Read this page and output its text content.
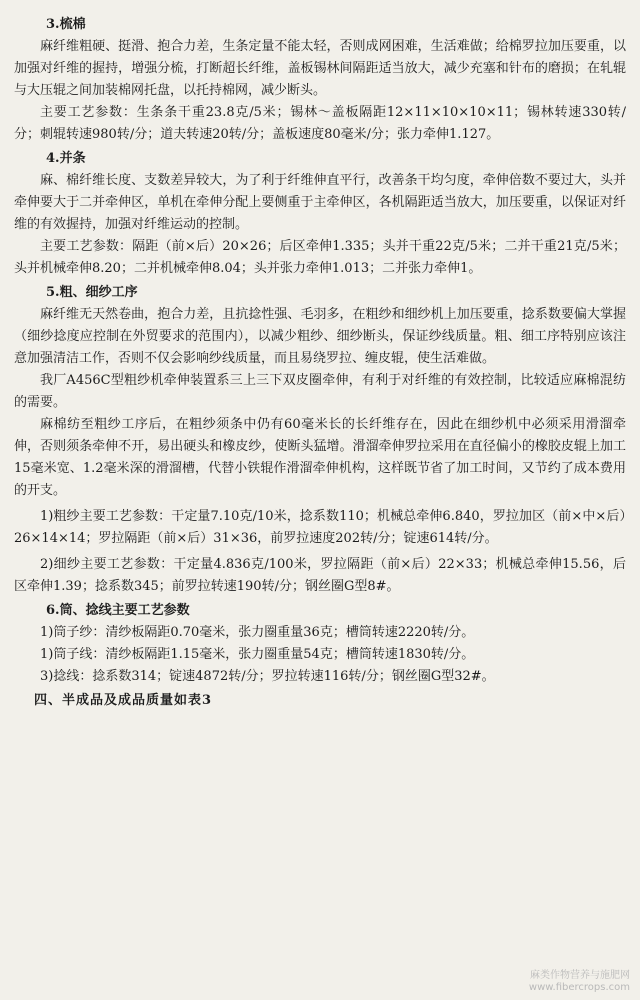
3.梳棉

麻纤维粗硬、挺滑、抱合力差，生条定量不能太轻，否则成网困难，生活难做；给棉罗拉加压要重，以加强对纤维的握持，增强分梳，打断超长纤维，盖板锡林间隔距适当放大，减少充塞和针布的磨损；在轧辊与大压辊之间加装棉网托盘，以托持棉网，减少断头。

主要工艺参数：生条条干重23.8克/5米；锡林～盖板隔距12×11×10×10×11；锡林转速330转/分；刺辊转速980转/分；道夫转速20转/分；盖板速度80毫米/分；张力牵伸1.127。

4.并条

麻、棉纤维长度、支数差异较大，为了利于纤维伸直平行，改善条干均匀度，牵伸倍数不要过大，头并牵伸要大于二并牵伸区，单机在牵伸分配上要侧重于主牵伸区，各机隔距适当放大，加压要重，以保证对纤维的有效握持，加强对纤维运动的控制。

主要工艺参数：隔距（前×后）20×26；后区牵伸1.335；头并干重22克/5米；二并干重21克/5米；头并机械牵伸8.20；二并机械牵伸8.04；头并张力牵伸1.013；二并张力牵伸1。

5.粗、细纱工序

麻纤维无天然卷曲，抱合力差，且抗捻性强、毛羽多，在粗纱和细纱机上加压要重，捻系数要偏大掌握（细纱捻度应控制在外贸要求的范围内），以减少粗纱、细纱断头，保证纱线质量。粗、细工序特别应该注意加强清洁工作，否则不仅会影响纱线质量，而且易绕罗拉、缠皮辊，使生活难做。

我厂A456C型粗纱机牵伸装置系三上三下双皮圈牵伸，有利于对纤维的有效控制，比较适应麻棉混纺的需要。

麻棉纺至粗纱工序后，在粗纱须条中仍有60毫米长的长纤维存在，因此在细纱机中必须采用滑溜牵伸，否则须条牵伸不开，易出硬头和橡皮纱，使断头猛增。滑溜牵伸罗拉采用在直径偏小的橡胶皮辊上加工15毫米宽、1.2毫米深的滑溜槽，代替小铁辊作滑溜牵伸机构，这样既节省了加工时间，又节约了成本费用的开支。

1)粗纱主要工艺参数：干定量7.10克/10米，捻系数110；机械总牵伸6.840，罗拉加区（前×中×后）26×14×14；罗拉隔距（前×后）31×36，前罗拉速度202转/分；锭速614转/分。

2)细纱主要工艺参数：干定量4.836克/100米，罗拉隔距（前×后）22×33；机械总牵伸15.56，后区牵伸1.39；捻系数345；前罗拉转速190转/分；钢丝圈G型8#。

6.筒、捻线主要工艺参数

1)筒子纱：清纱板隔距0.70毫米，张力圈重量36克；槽筒转速2220转/分。

1)筒子线：清纱板隔距1.15毫米，张力圈重量54克；槽筒转速1830转/分。

3)捻线：捻系数314；锭速4872转/分；罗拉转速116转/分；钢丝圈G型32#。

四、半成品及成品质量如表3
麻类作物营养与施肥网
www.fibercrops.com
